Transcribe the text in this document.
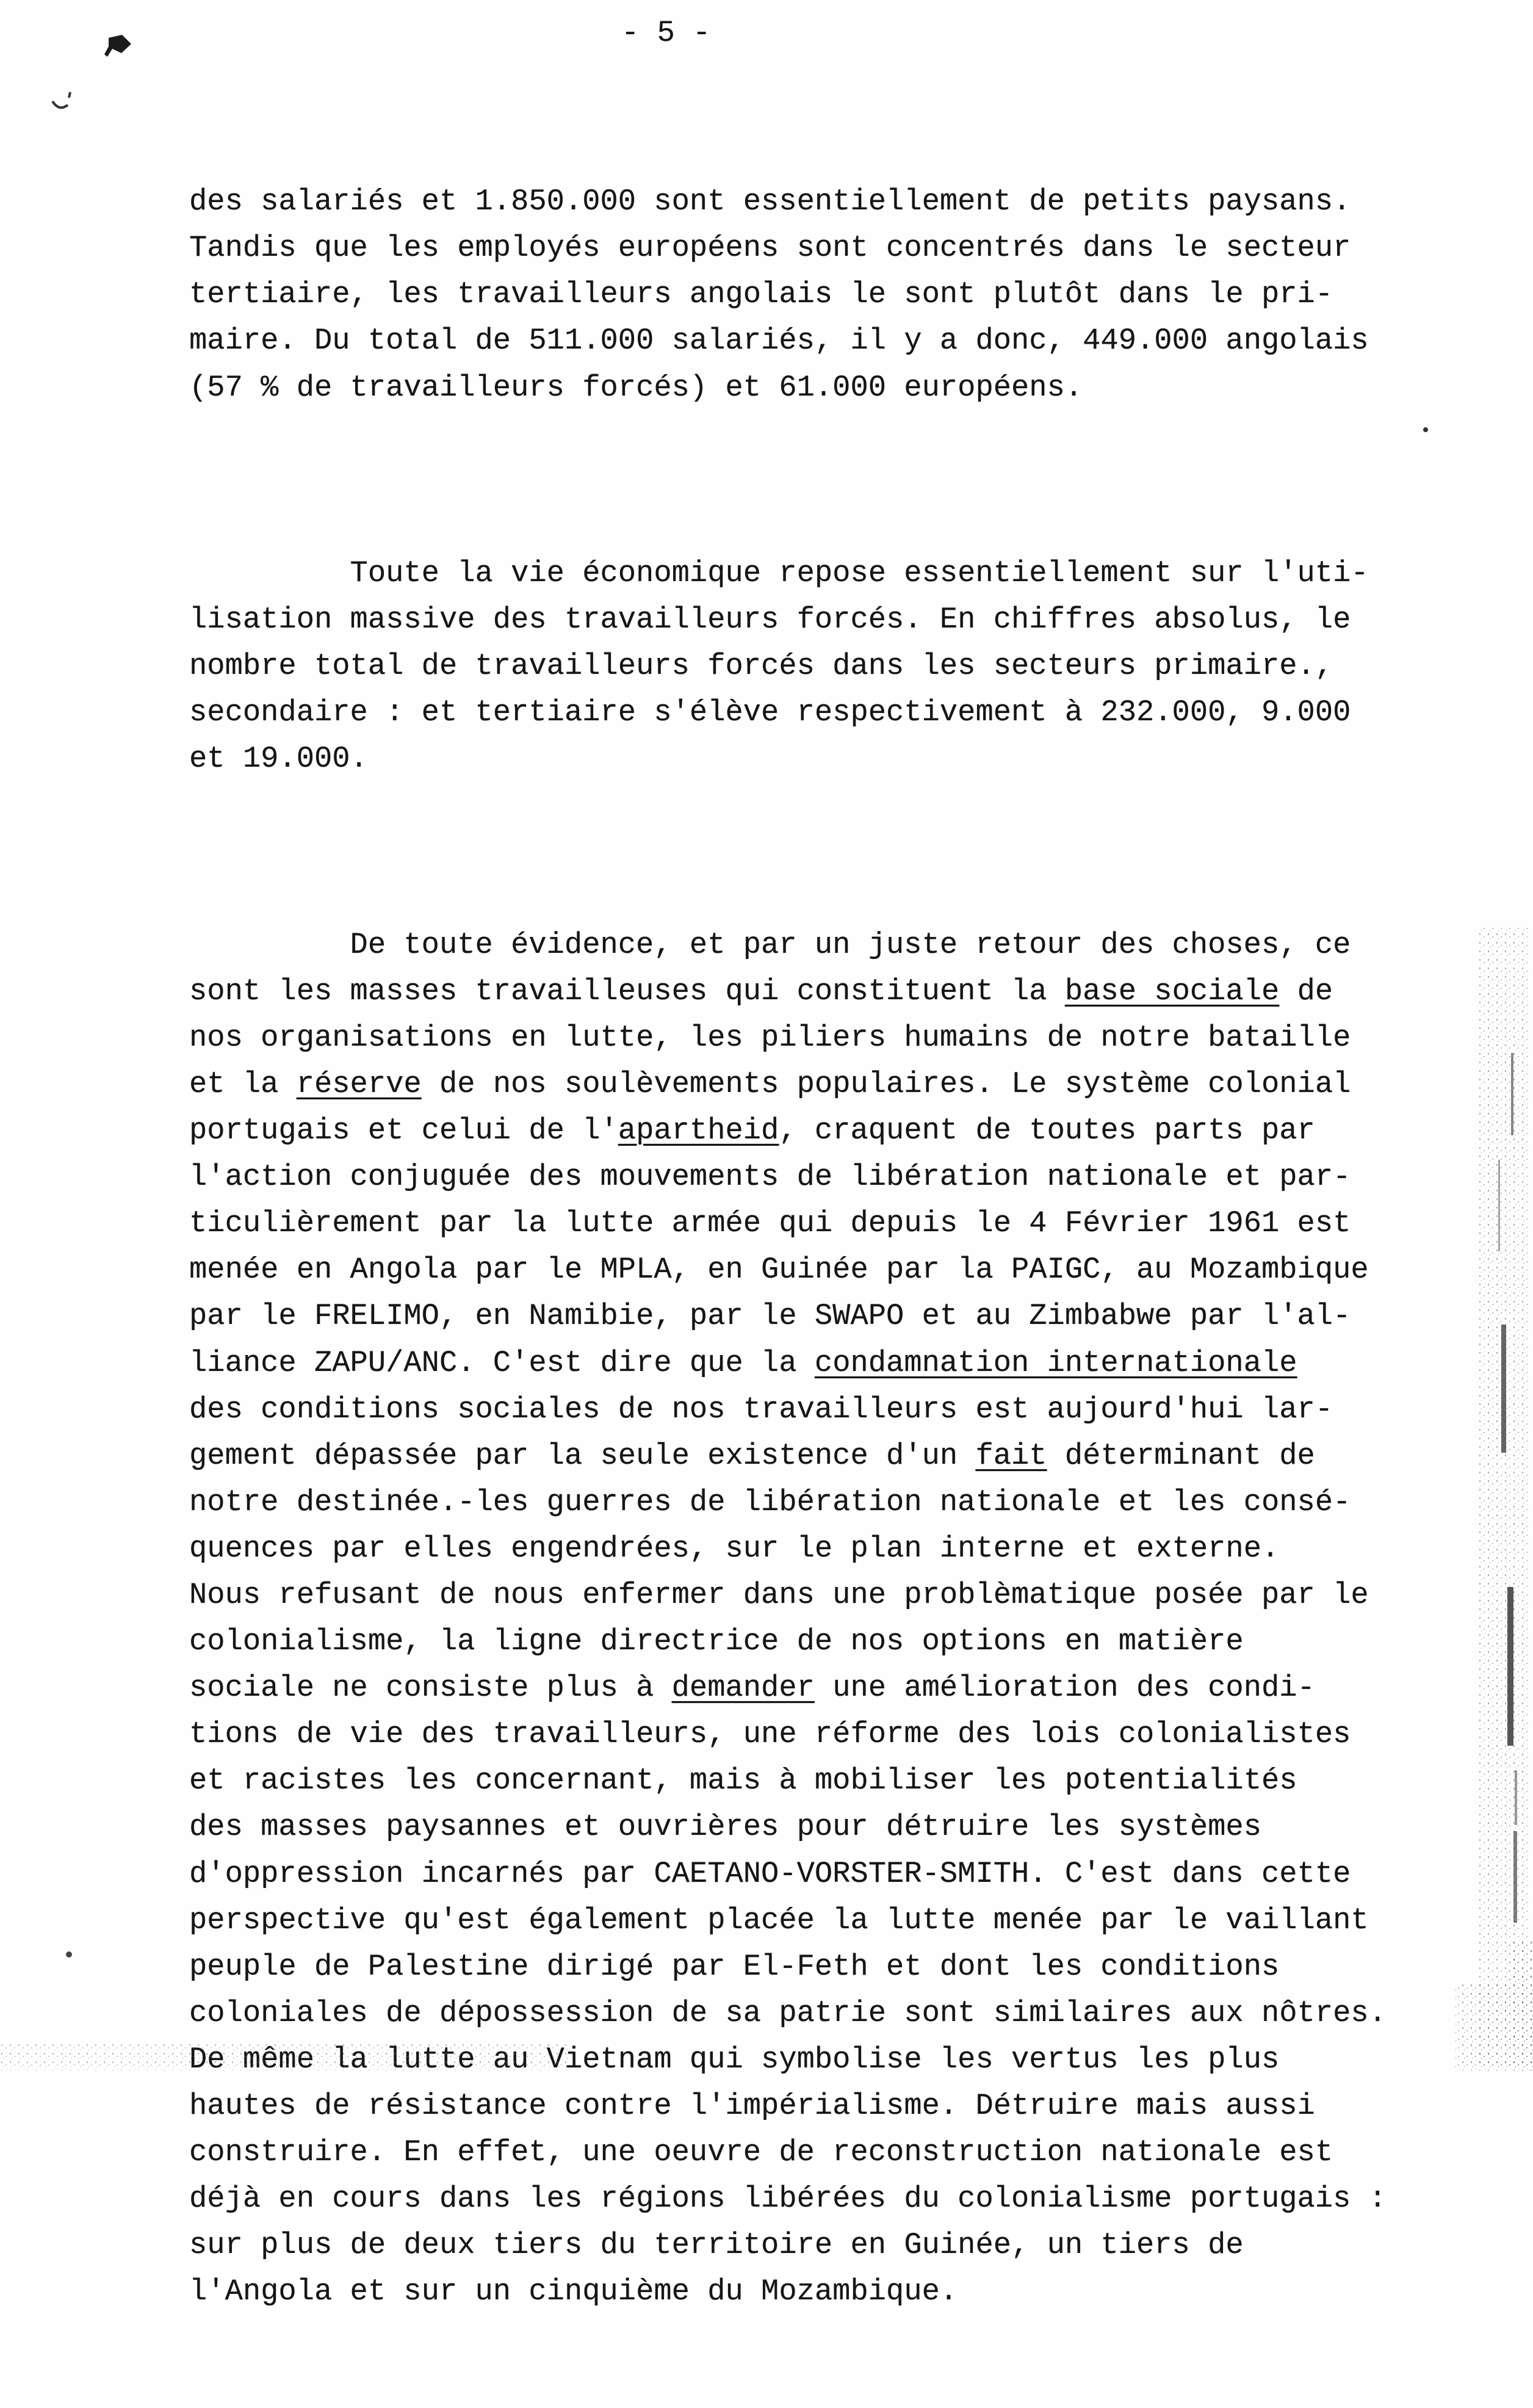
- 5 -

des salariés et 1.850.000 sont essentiellement de petits paysans.
Tandis que les employés européens sont concentrés dans le secteur
tertiaire, les travailleurs angolais le sont plutôt dans le pri-
maire. Du total de 511.000 salariés, il y a donc, 449.000 angolais
(57 % de travailleurs forcés) et 61.000 européens.

Toute la vie économique repose essentiellement sur l'uti-
lisation massive des travailleurs forcés. En chiffres absolus, le
nombre total de travailleurs forcés dans les secteurs primaire.,
secondaire : et tertiaire s'élève respectivement à 232.000, 9.000
et 19.000.

De toute évidence, et par un juste retour des choses, ce
sont les masses travailleuses qui constituent la base sociale de
nos organisations en lutte, les piliers humains de notre bataille
et la réserve de nos soulèvements populaires. Le système colonial
portugais et celui de l'apartheid, craquent de toutes parts par
l'action conjuguée des mouvements de libération nationale et par-
ticulièrement par la lutte armée qui depuis le 4 Février 1961 est
menée en Angola par le MPLA, en Guinée par la PAIGC, au Mozambique
par le FRELIMO, en Namibie, par le SWAPO et au Zimbabwe par l'al-
liance ZAPU/ANC. C'est dire que la condamnation internationale
des conditions sociales de nos travailleurs est aujourd'hui lar-
gement dépassée par la seule existence d'un fait déterminant de
notre destinée.-les guerres de libération nationale et les consé-
quences par elles engendrées, sur le plan interne et externe.
Nous refusant de nous enfermer dans une problèmatique posée par le
colonialisme, la ligne directrice de nos options en matière
sociale ne consiste plus à demander une amélioration des condi-
tions de vie des travailleurs, une réforme des lois colonialistes
et racistes les concernant, mais à mobiliser les potentialités
des masses paysannes et ouvrières pour détruire les systèmes
d'oppression incarnés par CAETANO-VORSTER-SMITH. C'est dans cette
perspective qu'est également placée la lutte menée par le vaillant
peuple de Palestine dirigé par El-Feth et dont les conditions
coloniales de dépossession de sa patrie sont similaires aux nôtres.
De même la lutte au Vietnam qui symbolise les vertus les plus
hautes de résistance contre l'impérialisme. Détruire mais aussi
construire. En effet, une oeuvre de reconstruction nationale est
déjà en cours dans les régions libérées du colonialisme portugais :
sur plus de deux tiers du territoire en Guinée, un tiers de
l'Angola et sur un cinquième du Mozambique.
